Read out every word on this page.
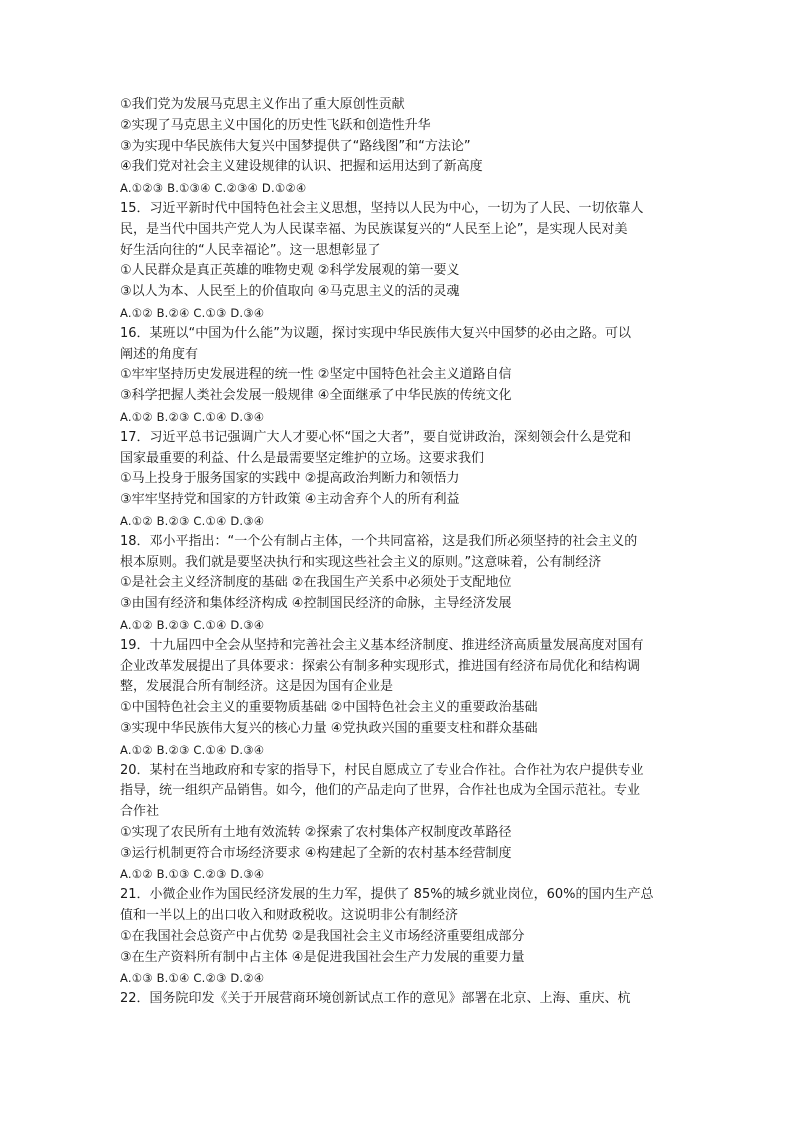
①我们党为发展马克思主义作出了重大原创性贡献
②实现了马克思主义中国化的历史性飞跃和创造性升华
③为实现中华民族伟大复兴中国梦提供了“路线图”和“方法论”
④我们党对社会主义建设规律的认识、把握和运用达到了新高度
A.①②③ B.①③④ C.②③④ D.①②④
15．习近平新时代中国特色社会主义思想，坚持以人民为中心，一切为了人民、一切依靠人
民，是当代中国共产党人为人民谋幸福、为民族谋复兴的“人民至上论”，是实现人民对美
好生活向往的“人民幸福论”。这一思想彰显了
①人民群众是真正英雄的唯物史观 ②科学发展观的第一要义
③以人为本、人民至上的价值取向 ④马克思主义的活的灵魂
A.①② B.②④ C.①③ D.③④
16．某班以“中国为什么能”为议题，探讨实现中华民族伟大复兴中国梦的必由之路。可以
阐述的角度有
①牢牢坚持历史发展进程的统一性 ②坚定中国特色社会主义道路自信
③科学把握人类社会发展一般规律 ④全面继承了中华民族的传统文化
A.①② B.②③ C.①④ D.③④
17．习近平总书记强调广大人才要心怀“国之大者”，要自觉讲政治，深刻领会什么是党和
国家最重要的利益、什么是最需要坚定维护的立场。这要求我们
①马上投身于服务国家的实践中 ②提高政治判断力和领悟力
③牢牢坚持党和国家的方针政策 ④主动舍弃个人的所有利益
A.①② B.②③ C.①④ D.③④
18．邓小平指出：“一个公有制占主体，一个共同富裕，这是我们所必须坚持的社会主义的
根本原则。我们就是要坚决执行和实现这些社会主义的原则。”这意味着，公有制经济
①是社会主义经济制度的基础 ②在我国生产关系中必须处于支配地位
③由国有经济和集体经济构成 ④控制国民经济的命脉，主导经济发展
A.①② B.②③ C.①④ D.③④
19．十九届四中全会从坚持和完善社会主义基本经济制度、推进经济高质量发展高度对国有
企业改革发展提出了具体要求：探索公有制多种实现形式，推进国有经济布局优化和结构调
整，发展混合所有制经济。这是因为国有企业是
①中国特色社会主义的重要物质基础 ②中国特色社会主义的重要政治基础
③实现中华民族伟大复兴的核心力量 ④党执政兴国的重要支柱和群众基础
A.①② B.②③ C.①④ D.③④
20．某村在当地政府和专家的指导下，村民自愿成立了专业合作社。合作社为农户提供专业
指导，统一组织产品销售。如今，他们的产品走向了世界，合作社也成为全国示范社。专业
合作社
①实现了农民所有土地有效流转 ②探索了农村集体产权制度改革路径
③运行机制更符合市场经济要求 ④构建起了全新的农村基本经营制度
A.①② B.①③ C.②③ D.③④
21．小微企业作为国民经济发展的生力军，提供了 85%的城乡就业岗位，60%的国内生产总
值和一半以上的出口收入和财政税收。这说明非公有制经济
①在我国社会总资产中占优势 ②是我国社会主义市场经济重要组成部分
③在生产资料所有制中占主体 ④是促进我国社会生产力发展的重要力量
A.①③ B.①④ C.②③ D.②④
22．国务院印发《关于开展营商环境创新试点工作的意见》部署在北京、上海、重庆、杭
